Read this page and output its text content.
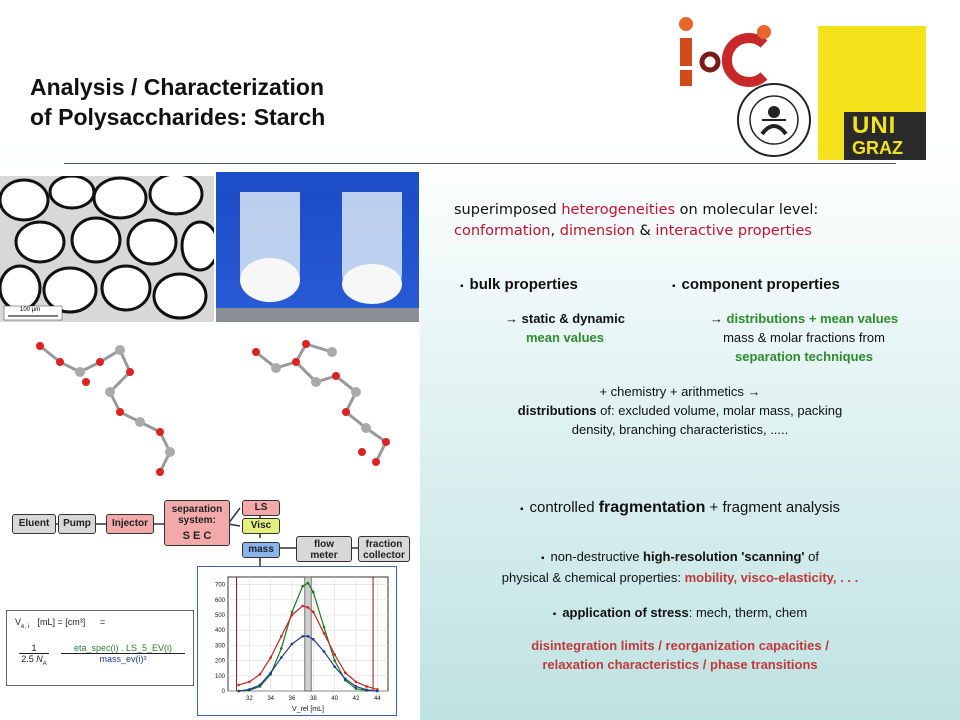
Analysis / Characterization
of Polysaccharides: Starch	UNI
GRAZ
100 µm
Eluent	Pump	Injector
separation
system:
S E C
LS
Visc
mass	flow
meter
fraction
collector
$V_{e, i}$ [mL] = [cm³] =
1
2.5 $N_A$
eta_spec(i) . LS_5_EV(i)
mass_ev(i)²
32 34 36 38 40 42 44
0
100
200
300
400
500
600
700
V_rel [mL]
superimposed heterogeneities on molecular level:
conformation, dimension & interactive properties
▪ bulk properties
→ static & dynamic
mean values
▪ component properties
→ distributions + mean values
mass & molar fractions from
separation techniques
+ chemistry + arithmetics →
distributions of: excluded volume, molar mass, packing
density, branching characteristics, .....
▪ controlled fragmentation + fragment analysis
▪ non-destructive high-resolution 'scanning' of
physical & chemical properties: mobility, visco-elasticity, . . .
▪ application of stress: mech, therm, chem
disintegration limits / reorganization capacities /
relaxation characteristics / phase transitions
